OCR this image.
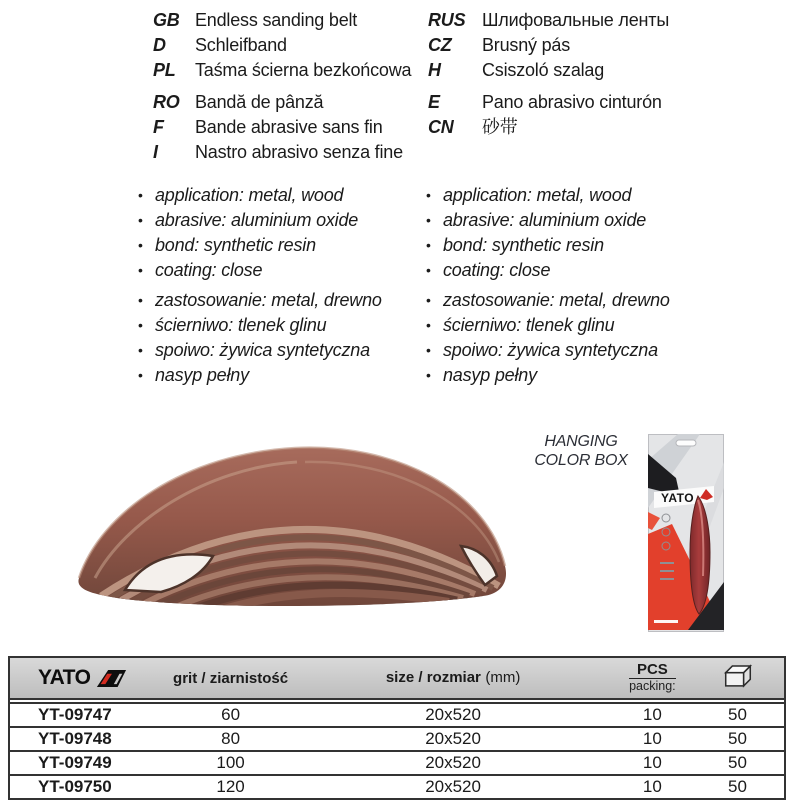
GB Endless sanding belt
D	Schleifband
PL	Taśma ścierna bezkońcowa
RO Bandă de pânză
F	Bande abrasive sans fin
I	Nastro abrasivo senza fine
RUS Шлифовальные ленты
CZ	Brusný pás
H	Csiszoló szalag
E	Pano abrasivo cinturón
CN	砂带
• application: metal, wood
• abrasive: aluminium oxide
• bond: synthetic resin
• coating: close
• zastosowanie: metal, drewno
• ścierniwo: tlenek glinu
• spoiwo: żywica syntetyczna
• nasyp pełny
• application: metal, wood
• abrasive: aluminium oxide
• bond: synthetic resin
• coating: close
• zastosowanie: metal, drewno
• ścierniwo: tlenek glinu
• spoiwo: żywica syntetyczna
• nasyp pełny
HANGING
COLOR BOX
YATO
YATO	grit / ziarnistość	size / rozmiar (mm)	PCS
packing:
YT-09747	60	20x520	10	50
YT-09748	80	20x520	10	50
YT-09749	100	20x520	10	50
YT-09750	120	20x520	10	50
